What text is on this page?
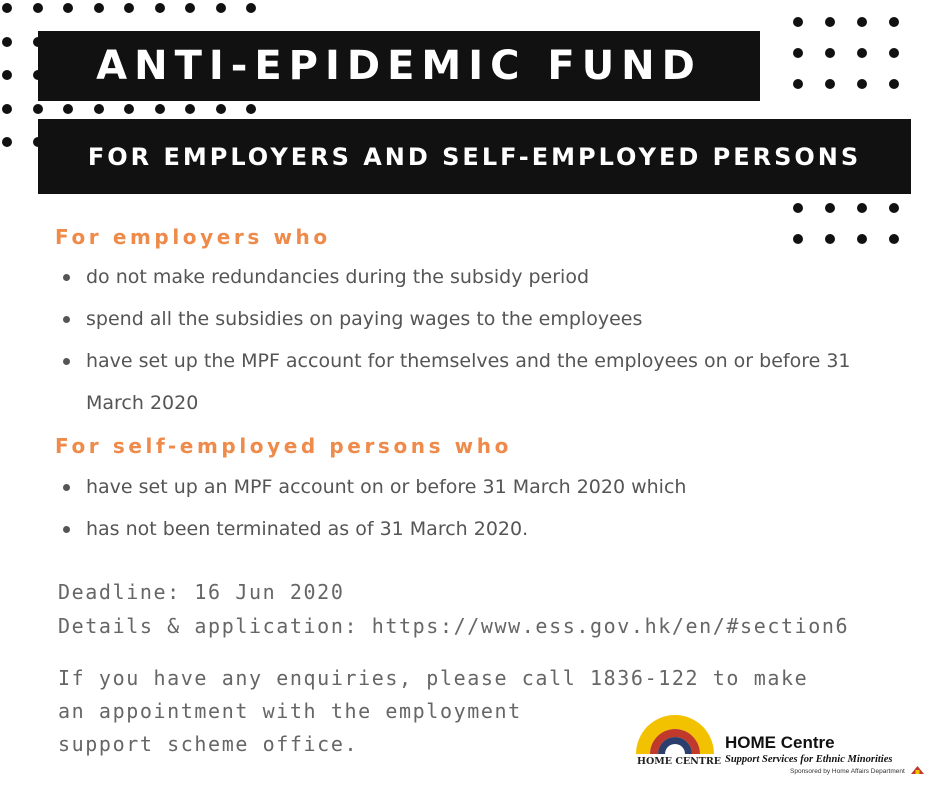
ANTI-EPIDEMIC FUND
FOR EMPLOYERS AND SELF-EMPLOYED PERSONS
For employers who
do not make redundancies during the subsidy period
spend all the subsidies on paying wages to the employees
have set up the MPF account for themselves and the employees on or before 31 March 2020
For self-employed persons who
have set up an MPF account on or before 31 March 2020 which
has not been terminated as of 31 March 2020.
Deadline: 16 Jun 2020
Details & application: https://www.ess.gov.hk/en/#section6
If you have any enquiries, please call 1836-122 to make
an appointment with the employment
support scheme office.
HOME CENTRE
HOME Centre
Support Services for Ethnic Minorities
Sponsored by Home Affairs Department
